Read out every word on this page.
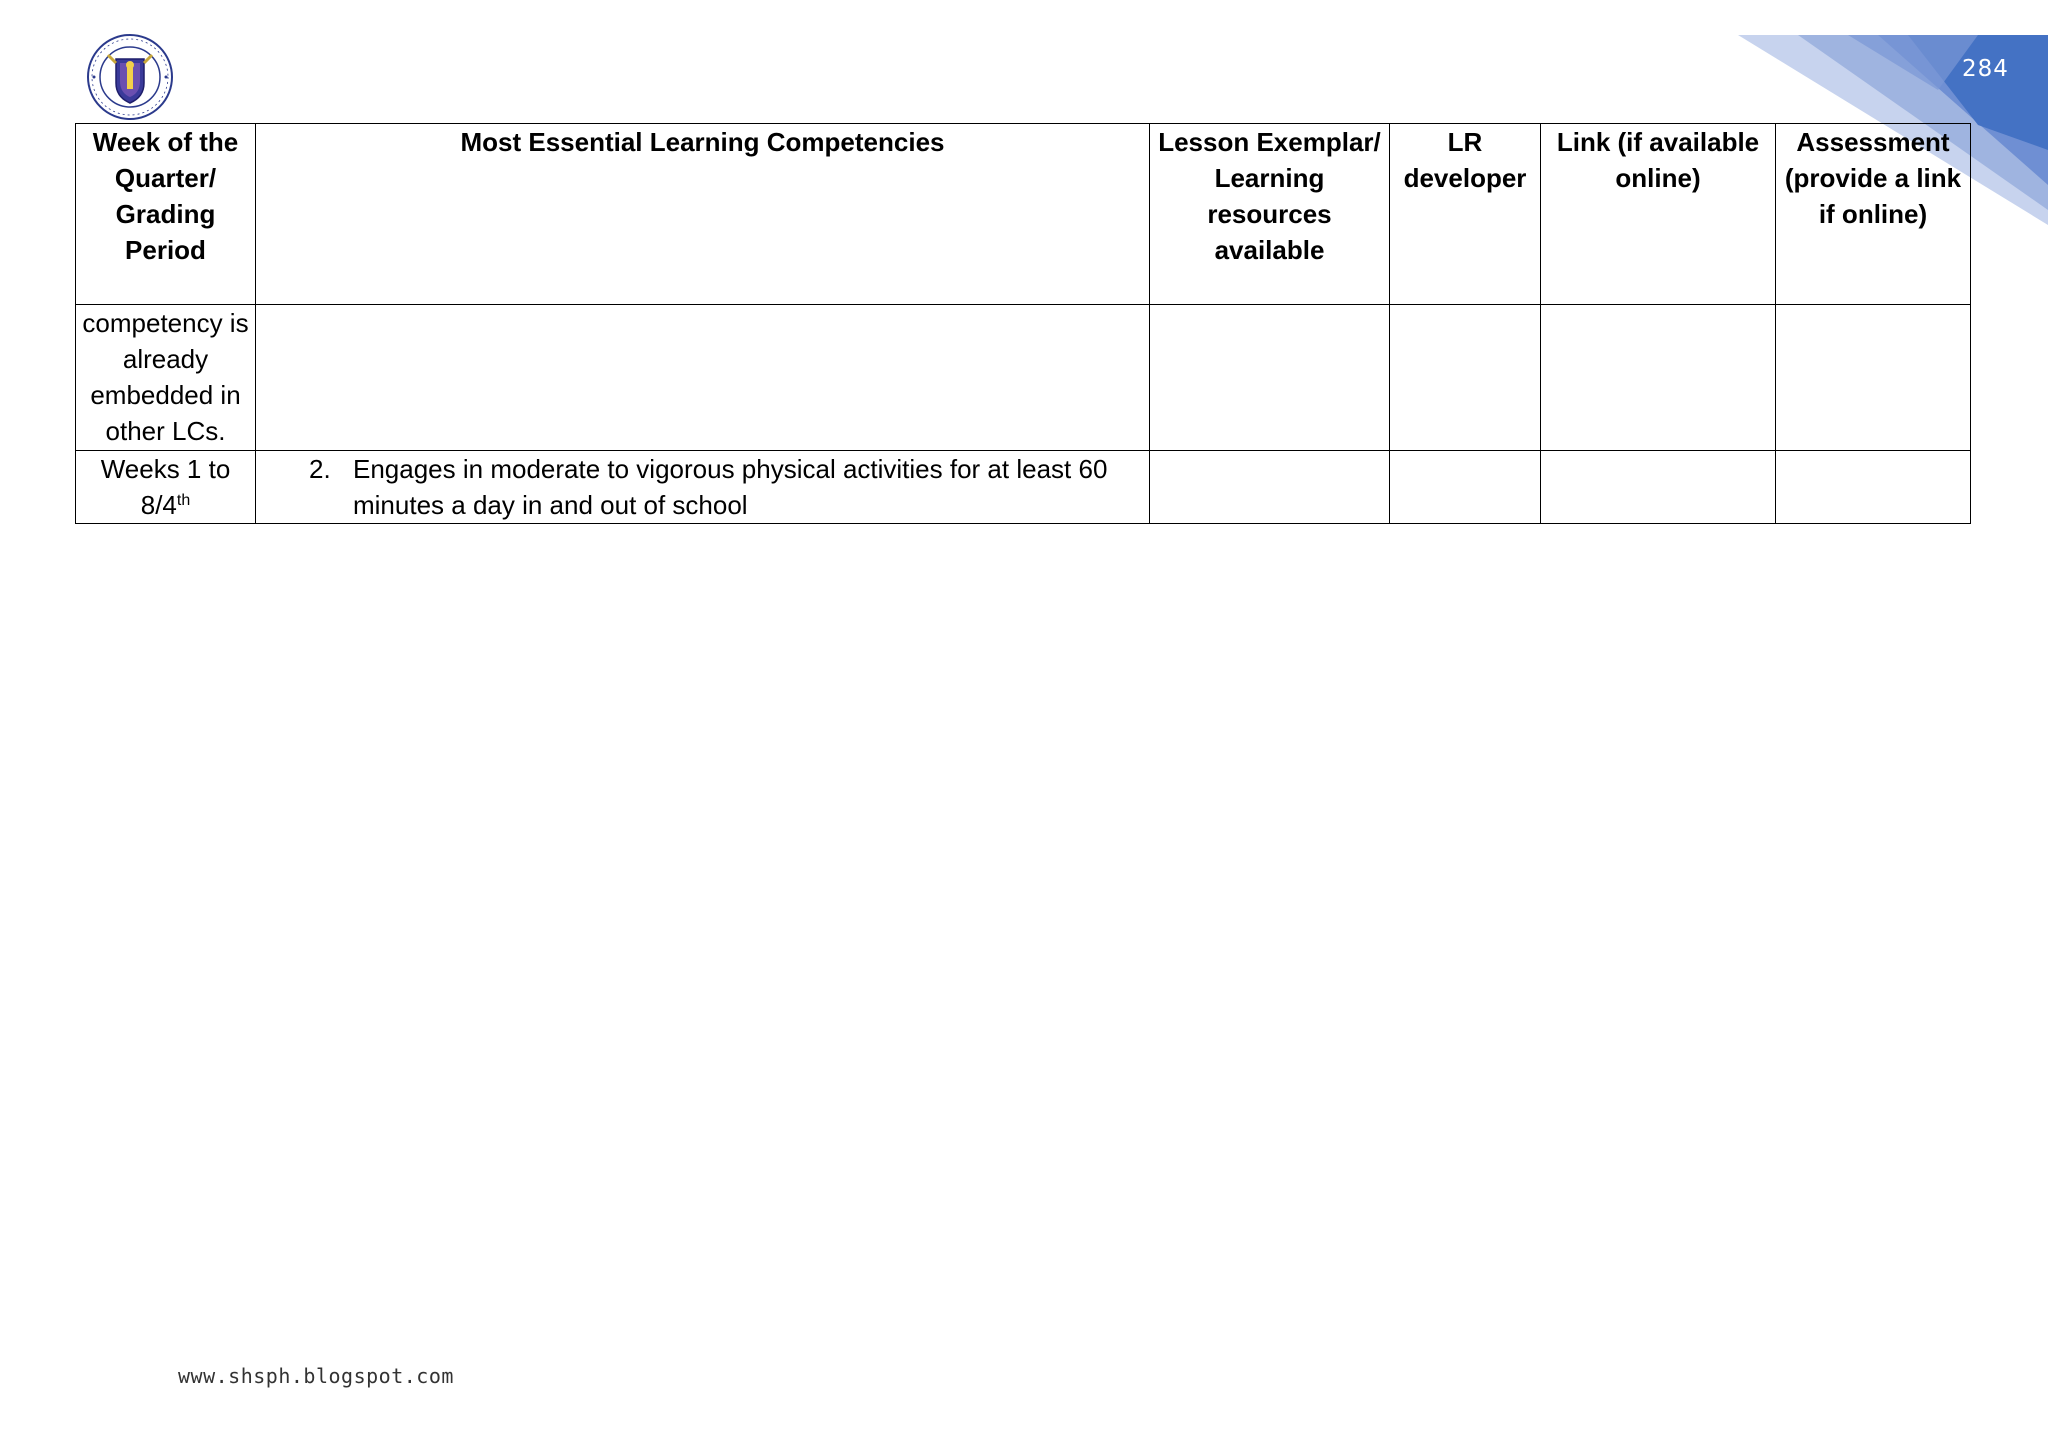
284
Week of the Quarter/ Grading Period	Most Essential Learning Competencies	Lesson Exemplar/ Learning resources available	LR developer	Link (if available online)	Assessment (provide a link if online)
competency is already embedded in other LCs.					
Weeks 1 to 8/4th	2. Engages in moderate to vigorous physical activities for at least 60 minutes a day in and out of school				

www.shsph.blogspot.com
